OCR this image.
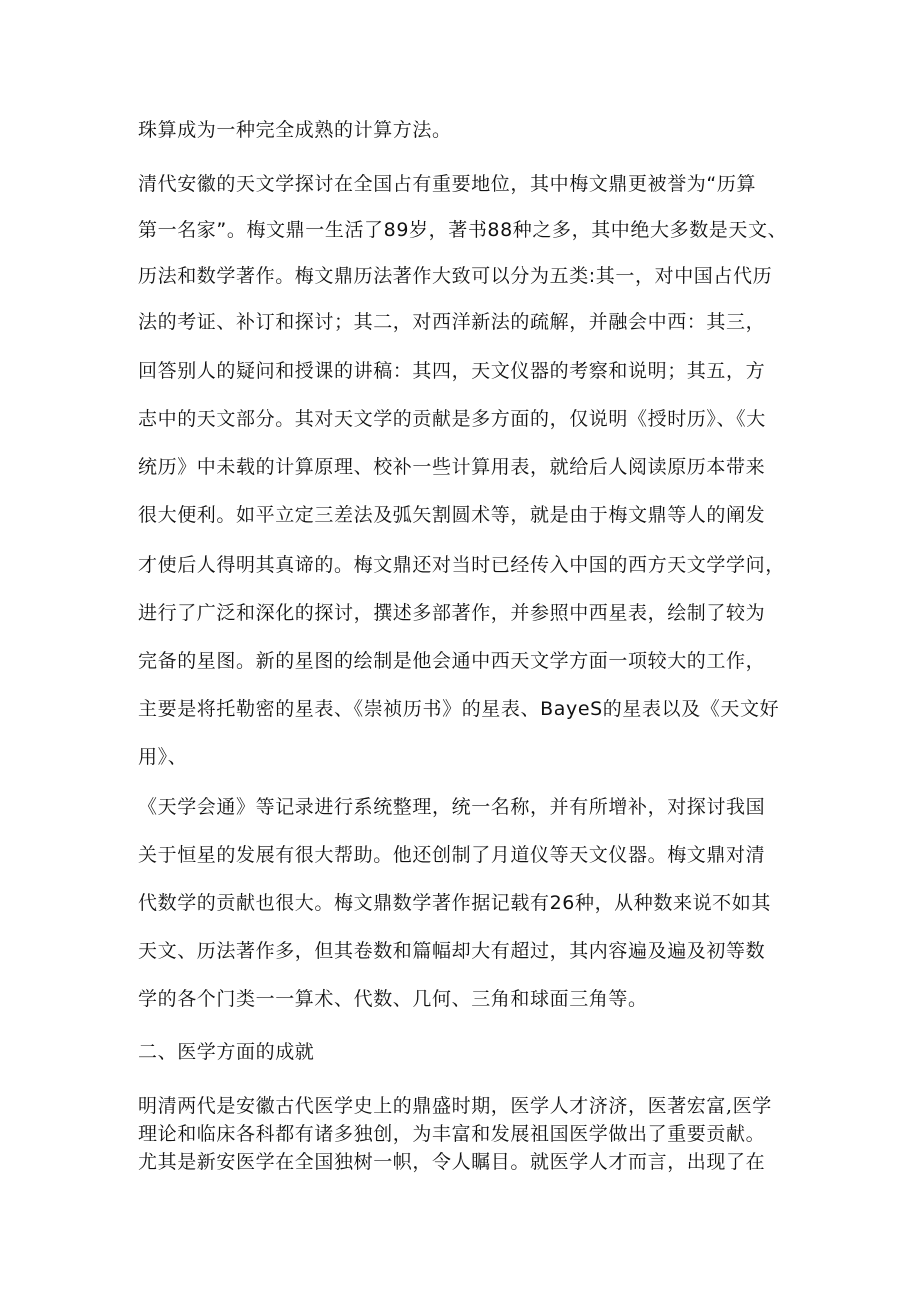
珠算成为一种完全成熟的计算方法。
清代安徽的天文学探讨在全国占有重要地位，其中梅文鼎更被誉为“历算
第一名家”。梅文鼎一生活了89岁，著书88种之多，其中绝大多数是天文、
历法和数学著作。梅文鼎历法著作大致可以分为五类:其一，对中国占代历
法的考证、补订和探讨；其二，对西洋新法的疏解，并融会中西：其三，
回答别人的疑问和授课的讲稿：其四，天文仪器的考察和说明；其五，方
志中的天文部分。其对天文学的贡献是多方面的，仅说明《授时历》、《大
统历》中未载的计算原理、校补一些计算用表，就给后人阅读原历本带来
很大便利。如平立定三差法及弧矢割圆术等，就是由于梅文鼎等人的阐发
才使后人得明其真谛的。梅文鼎还对当时已经传入中国的西方天文学学问，
进行了广泛和深化的探讨，撰述多部著作，并参照中西星表，绘制了较为
完备的星图。新的星图的绘制是他会通中西天文学方面一项较大的工作，
主要是将托勒密的星表、《崇祯历书》的星表、BayeS的星表以及《天文好
用》、
《天学会通》等记录进行系统整理，统一名称，并有所增补，对探讨我国
关于恒星的发展有很大帮助。他还创制了月道仪等天文仪器。梅文鼎对清
代数学的贡献也很大。梅文鼎数学著作据记载有26种，从种数来说不如其
天文、历法著作多，但其卷数和篇幅却大有超过，其内容遍及遍及初等数
学的各个门类一一算术、代数、几何、三角和球面三角等。
二、医学方面的成就
明清两代是安徽古代医学史上的鼎盛时期，医学人才济济，医著宏富,医学
理论和临床各科都有诸多独创，为丰富和发展祖国医学做出了重要贡献。
尤其是新安医学在全国独树一帜，令人瞩目。就医学人才而言，出现了在
